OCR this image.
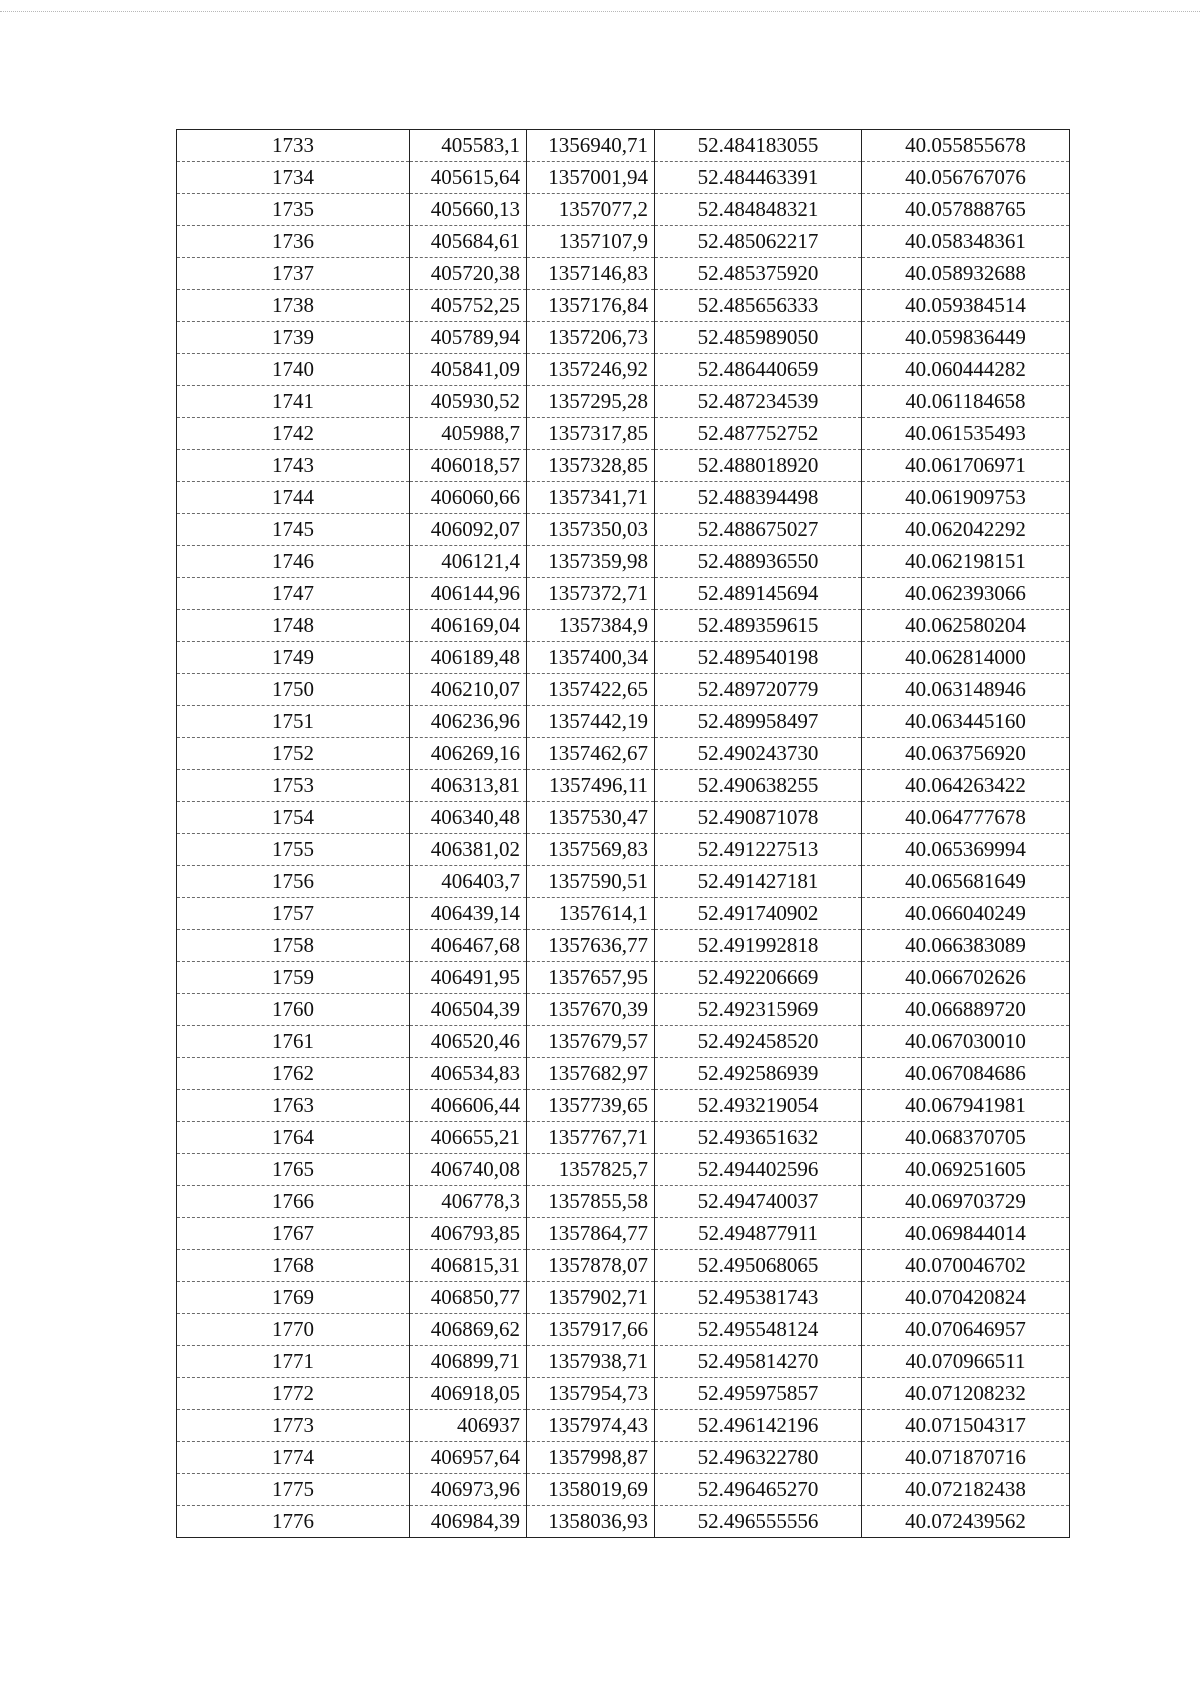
1733	405583,1	1356940,71	52.484183055	40.055855678
1734	405615,64	1357001,94	52.484463391	40.056767076
1735	405660,13	1357077,2	52.484848321	40.057888765
1736	405684,61	1357107,9	52.485062217	40.058348361
1737	405720,38	1357146,83	52.485375920	40.058932688
1738	405752,25	1357176,84	52.485656333	40.059384514
1739	405789,94	1357206,73	52.485989050	40.059836449
1740	405841,09	1357246,92	52.486440659	40.060444282
1741	405930,52	1357295,28	52.487234539	40.061184658
1742	405988,7	1357317,85	52.487752752	40.061535493
1743	406018,57	1357328,85	52.488018920	40.061706971
1744	406060,66	1357341,71	52.488394498	40.061909753
1745	406092,07	1357350,03	52.488675027	40.062042292
1746	406121,4	1357359,98	52.488936550	40.062198151
1747	406144,96	1357372,71	52.489145694	40.062393066
1748	406169,04	1357384,9	52.489359615	40.062580204
1749	406189,48	1357400,34	52.489540198	40.062814000
1750	406210,07	1357422,65	52.489720779	40.063148946
1751	406236,96	1357442,19	52.489958497	40.063445160
1752	406269,16	1357462,67	52.490243730	40.063756920
1753	406313,81	1357496,11	52.490638255	40.064263422
1754	406340,48	1357530,47	52.490871078	40.064777678
1755	406381,02	1357569,83	52.491227513	40.065369994
1756	406403,7	1357590,51	52.491427181	40.065681649
1757	406439,14	1357614,1	52.491740902	40.066040249
1758	406467,68	1357636,77	52.491992818	40.066383089
1759	406491,95	1357657,95	52.492206669	40.066702626
1760	406504,39	1357670,39	52.492315969	40.066889720
1761	406520,46	1357679,57	52.492458520	40.067030010
1762	406534,83	1357682,97	52.492586939	40.067084686
1763	406606,44	1357739,65	52.493219054	40.067941981
1764	406655,21	1357767,71	52.493651632	40.068370705
1765	406740,08	1357825,7	52.494402596	40.069251605
1766	406778,3	1357855,58	52.494740037	40.069703729
1767	406793,85	1357864,77	52.494877911	40.069844014
1768	406815,31	1357878,07	52.495068065	40.070046702
1769	406850,77	1357902,71	52.495381743	40.070420824
1770	406869,62	1357917,66	52.495548124	40.070646957
1771	406899,71	1357938,71	52.495814270	40.070966511
1772	406918,05	1357954,73	52.495975857	40.071208232
1773	406937	1357974,43	52.496142196	40.071504317
1774	406957,64	1357998,87	52.496322780	40.071870716
1775	406973,96	1358019,69	52.496465270	40.072182438
1776	406984,39	1358036,93	52.496555556	40.072439562
